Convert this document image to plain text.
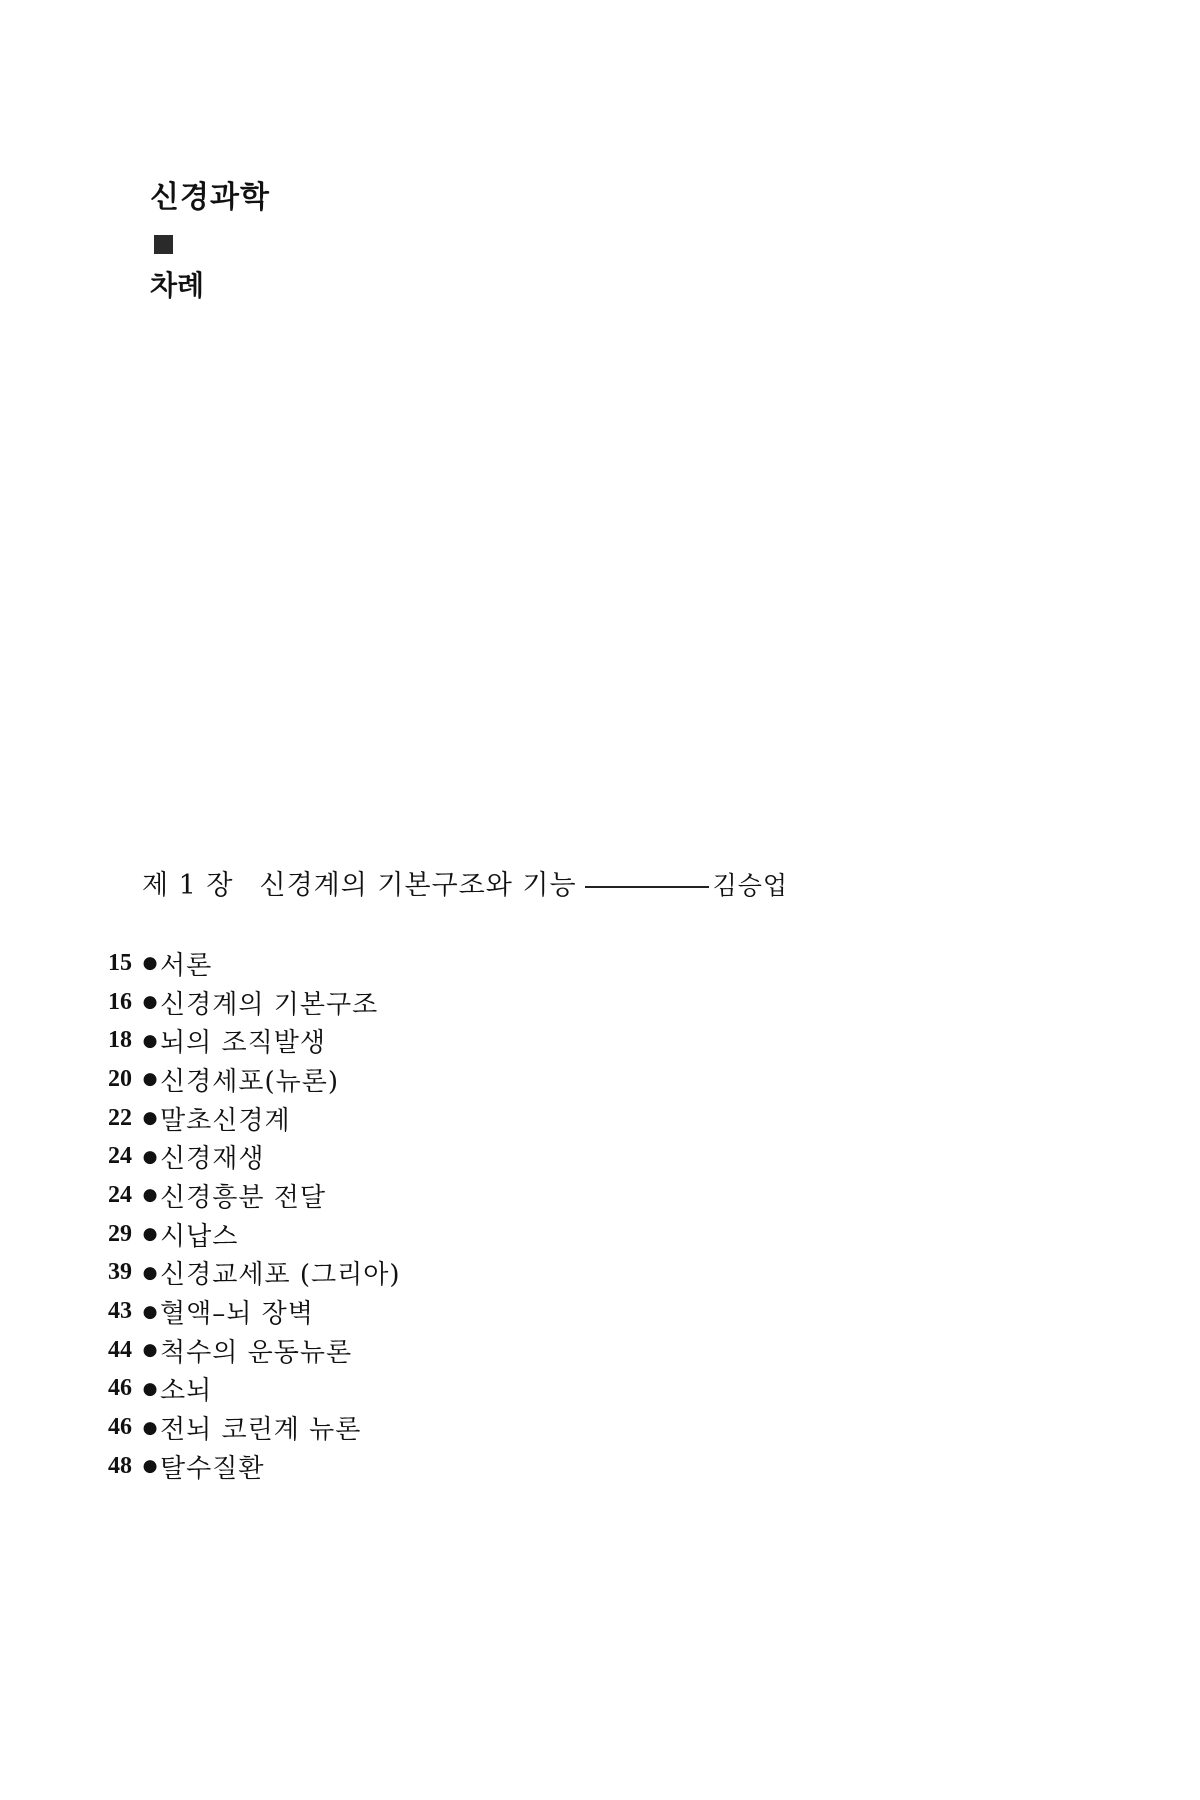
신경과학
차례
제 1 장 신경계의 기본구조와 기능	김승업
15 ● 서론
16 ● 신경계의 기본구조
18 ● 뇌의 조직발생
20 ● 신경세포(뉴론)
22 ● 말초신경계
24 ● 신경재생
24 ● 신경흥분 전달
29 ● 시납스
39 ● 신경교세포 (그리아)
43 ● 혈액–뇌 장벽
44 ● 척수의 운동뉴론
46 ● 소뇌
46 ● 전뇌 코린계 뉴론
48 ● 탈수질환
